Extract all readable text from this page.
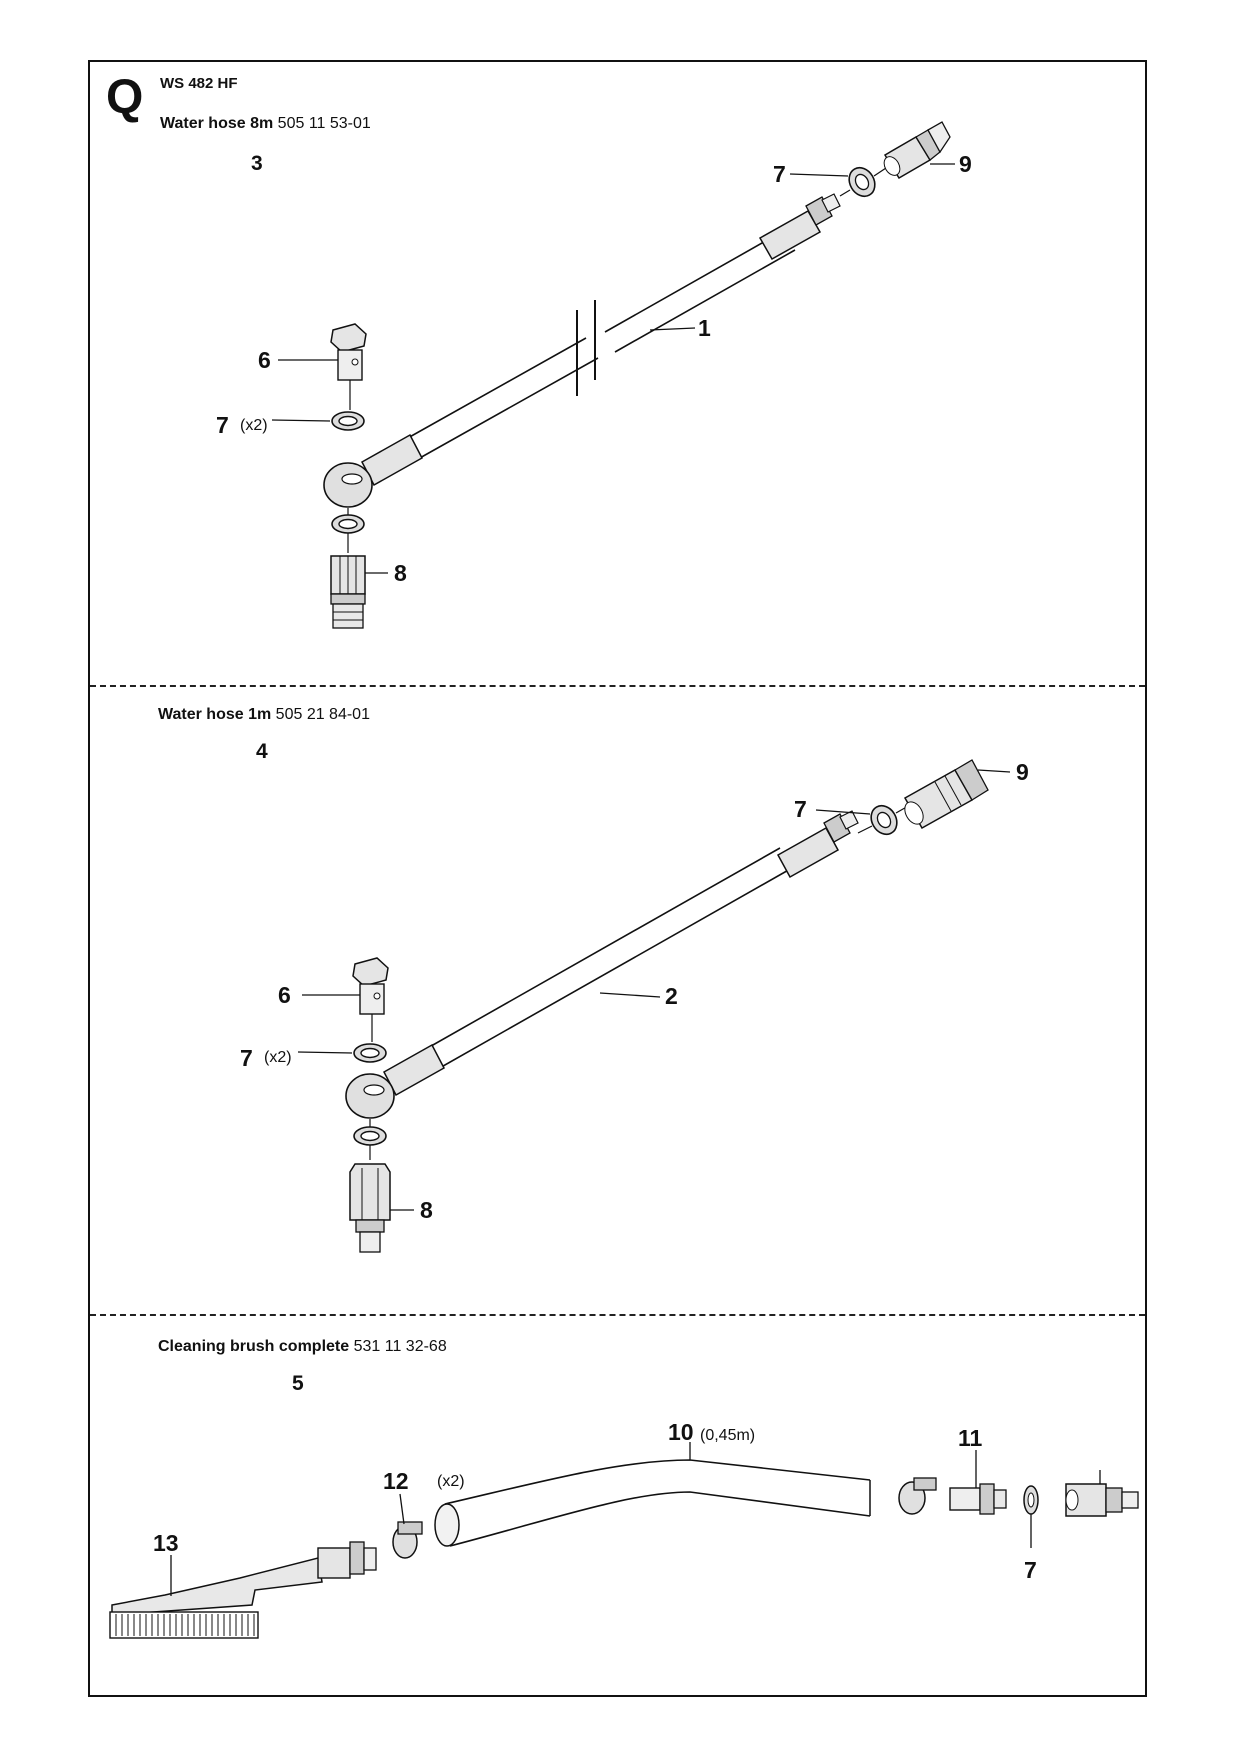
Q WS 482 HF
Water hose 8m 505 11 53-01
3
Water hose 1m 505 21 84-01
4
Cleaning brush complete 531 11 32-68
5
1
6
7 (x2)
8
7	9
2
6
7 (x2)
8
7
9
13
12 (x2)
10 (0,45m)	11
7
